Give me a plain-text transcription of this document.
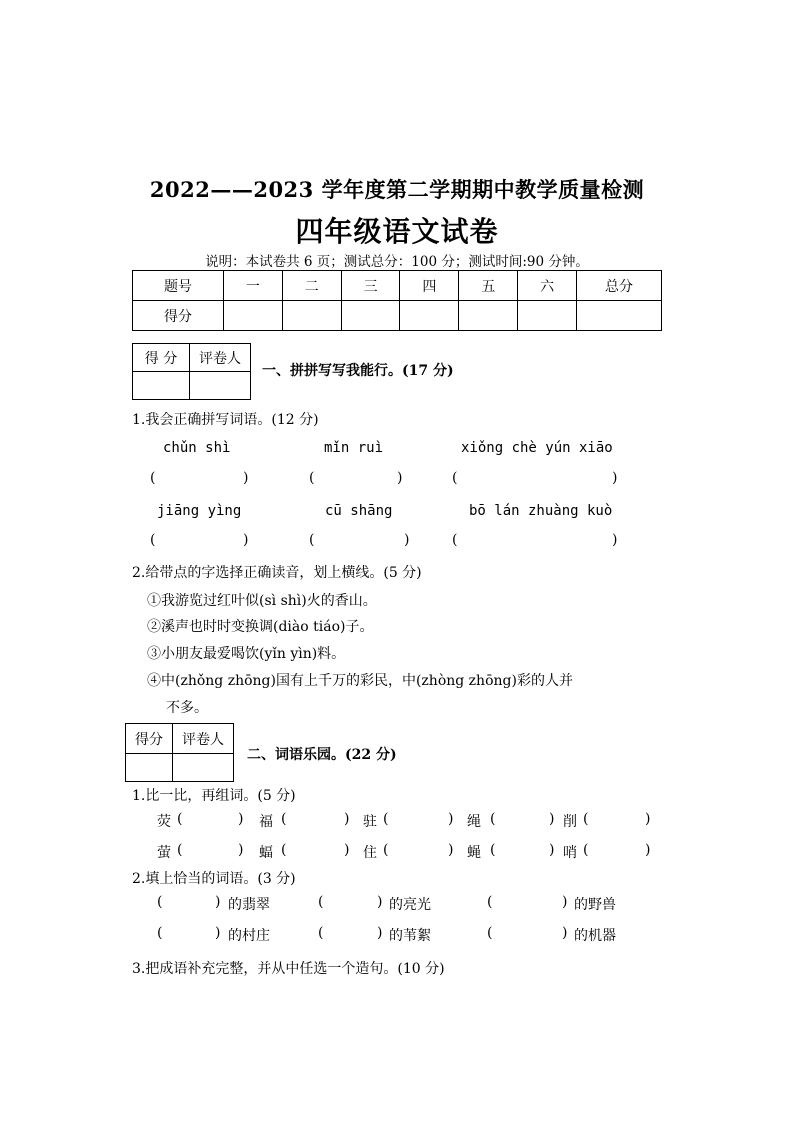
2022——2023 学年度第二学期期中教学质量检测
四年级语文试卷
说明：本试卷共 6 页；测试总分：100 分；测试时间:90 分钟。
题号	一	二	三	四	五	六	总分
得分							
得 分	评卷人

一、拼拼写写我能行。(17 分)
1.我会正确拼写词语。(12 分)
chǔn shì	mǐn ruì	xiǒng chè yún xiāo
(	)	(	)	(	)
jiāng yìng	cū shāng	bō lán zhuàng kuò
(	)	(	)	(	)
2.给带点的字选择正确读音，划上横线。(5 分)
①我游览过红叶似(sì shì)火的香山。
②溪声也时时变换调(diào tiáo)子。
③小朋友最爱喝饮(yǐn yìn)料。
④中(zhǒng zhōng)国有上千万的彩民，中(zhòng zhōng)彩的人并
不多。
得分	评卷人

二、词语乐园。(22 分)
1.比一比，再组词。(5 分)
荧 (	) 福 (	) 驻 (	) 绳 (	) 削 (	)
萤 (	) 蝠 (	) 住 (	) 蝇 (	) 哨 (	)
2.填上恰当的词语。(3 分)
(	) 的翡翠	(	) 的亮光	(	) 的野兽
(	) 的村庄	(	) 的苇絮	(	) 的机器
3.把成语补充完整，并从中任选一个造句。(10 分)
